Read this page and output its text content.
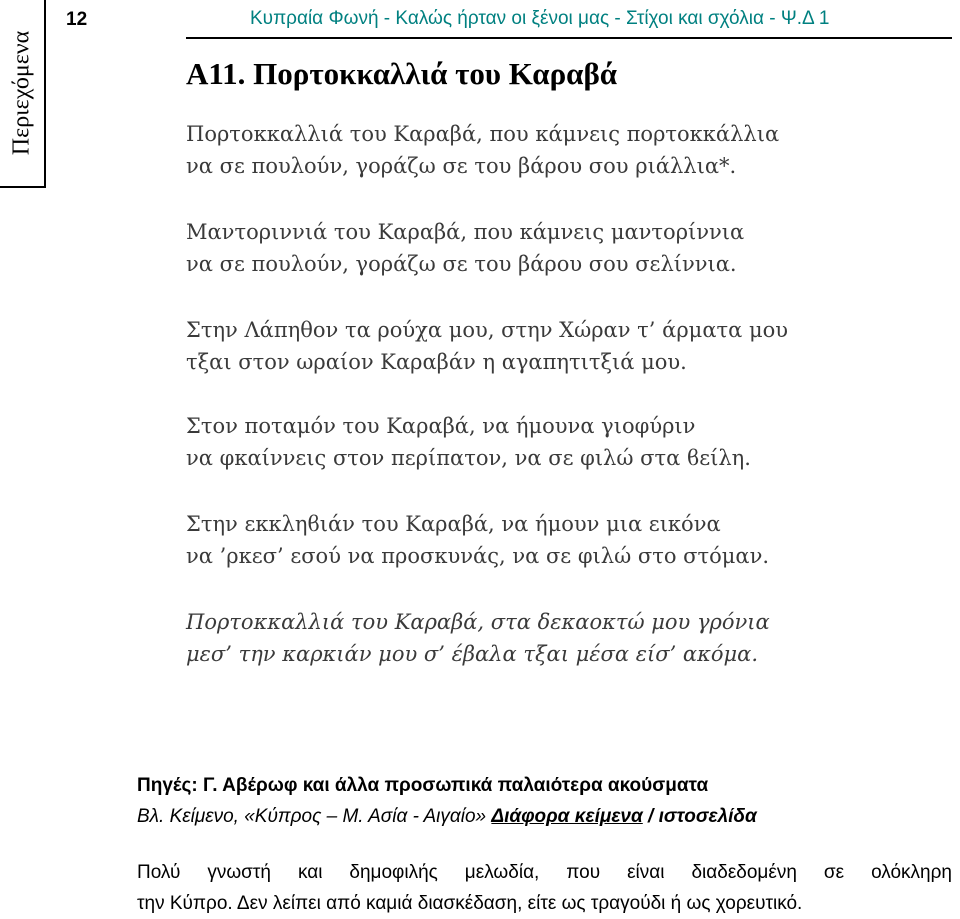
Περιεχόμενα
12	Κυπραία Φωνή - Καλώς ήρταν οι ξένοι μας - Στίχοι και σχόλια - Ψ.Δ 1
Α11. Πορτοκκαλλιά του Καραβά
Πορτοκκαλλιά του Καραβά, που κάμνεις πορτοκκάλλια
να σε πουλούν, γοράζω σε του βάρου σου ριάλλια*.
Μαντοριννιά του Καραβά, που κάμνεις μαντορίννια
να σε πουλούν, γοράζω σε του βάρου σου σελίννια.
Στην Λάπηθον τα ρούχα μου, στην Χώραν τ’ άρματα μου
τξαι στον ωραίον Καραβάν η αγαπητιτξιά μου.
Στον ποταμόν του Καραβά, να ήμουνα γιοφύριν
να φκαίννεις στον περίπατον, να σε φιλώ στα ϐείλη.
Στην εκκληϐιάν του Καραβά, να ήμουν μια εικόνα
να ’ρκεσ’ εσού να προσκυνάς, να σε φιλώ στο στόμαν.
Πορτοκκαλλιά του Καραβά, στα δεκαοκτώ μου γρόνια
μεσ’ την καρκιάν μου σ’ έβαλα τξαι μέσα είσ’ ακόμα.
Πηγές: Γ. Αβέρωφ και άλλα προσωπικά παλαιότερα ακούσματα
Βλ. Κείμενο, «Κύπρος – Μ. Ασία - Αιγαίο» Διάφορα κείμενα / ιστοσελίδα
Πολύ γνωστή και δημοφιλής μελωδία, που είναι διαδεδομένη σε ολόκληρη
την Κύπρο. Δεν λείπει από καμιά διασκέδαση, είτε ως τραγούδι ή ως χορευτικό.
